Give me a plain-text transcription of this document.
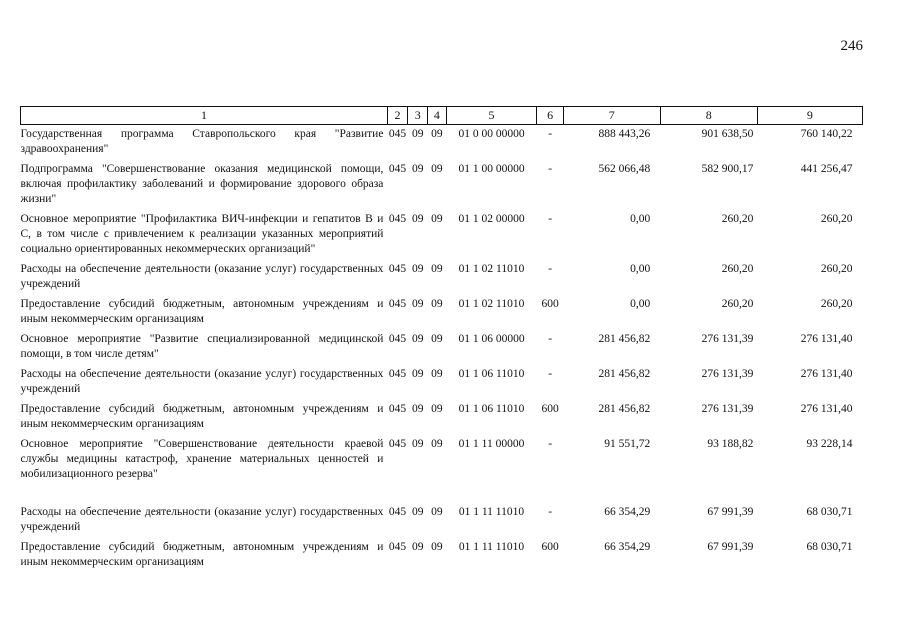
246
1	2	3	4	5	6	7	8	9
Государственная программа Ставропольского края "Развитие здравоохранения"	045	09	09	01 0 00 00000	-	888 443,26	901 638,50	760 140,22
Подпрограмма "Совершенствование оказания медицинской помощи, включая профилактику заболеваний и формирование здорового образа жизни"	045	09	09	01 1 00 00000	-	562 066,48	582 900,17	441 256,47
Основное мероприятие "Профилактика ВИЧ-инфекции и гепатитов В и С, в том числе с привлечением к реализации указанных мероприятий социально ориентированных некоммерческих организаций"	045	09	09	01 1 02 00000	-	0,00	260,20	260,20
Расходы на обеспечение деятельности (оказание услуг) государственных учреждений	045	09	09	01 1 02 11010	-	0,00	260,20	260,20
Предоставление субсидий бюджетным, автономным учреждениям и иным некоммерческим организациям	045	09	09	01 1 02 11010	600	0,00	260,20	260,20
Основное мероприятие "Развитие специализированной медицинской помощи, в том числе детям"	045	09	09	01 1 06 00000	-	281 456,82	276 131,39	276 131,40
Расходы на обеспечение деятельности (оказание услуг) государственных учреждений	045	09	09	01 1 06 11010	-	281 456,82	276 131,39	276 131,40
Предоставление субсидий бюджетным, автономным учреждениям и иным некоммерческим организациям	045	09	09	01 1 06 11010	600	281 456,82	276 131,39	276 131,40
Основное мероприятие "Совершенствование деятельности краевой службы медицины катастроф, хранение материальных ценностей и мобилизационного резерва"	045	09	09	01 1 11 00000	-	91 551,72	93 188,82	93 228,14
Расходы на обеспечение деятельности (оказание услуг) государственных учреждений	045	09	09	01 1 11 11010	-	66 354,29	67 991,39	68 030,71
Предоставление субсидий бюджетным, автономным учреждениям и иным некоммерческим организациям	045	09	09	01 1 11 11010	600	66 354,29	67 991,39	68 030,71
